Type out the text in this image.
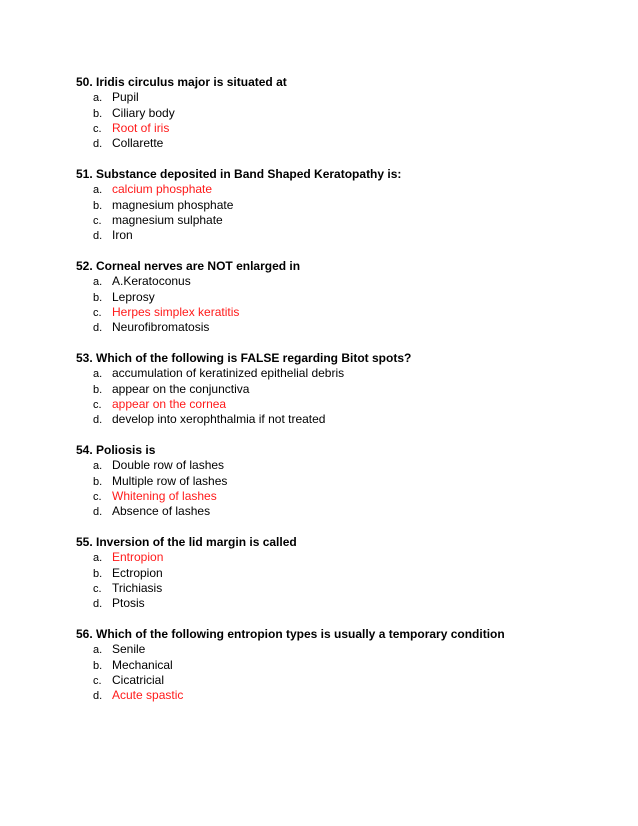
50. Iridis circulus major is situated at
a. Pupil
b. Ciliary body
c. Root of iris
d. Collarette
51. Substance deposited in Band Shaped Keratopathy is:
a. calcium phosphate
b. magnesium phosphate
c. magnesium sulphate
d. Iron
52. Corneal nerves are NOT enlarged in
a. A.Keratoconus
b. Leprosy
c. Herpes simplex keratitis
d. Neurofibromatosis
53. Which of the following is FALSE regarding Bitot spots?
a. accumulation of keratinized epithelial debris
b. appear on the conjunctiva
c. appear on the cornea
d. develop into xerophthalmia if not treated
54. Poliosis is
a. Double row of lashes
b. Multiple row of lashes
c. Whitening of lashes
d. Absence of lashes
55. Inversion of the lid margin is called
a. Entropion
b. Ectropion
c. Trichiasis
d. Ptosis
56. Which of the following entropion types is usually a temporary condition
a. Senile
b. Mechanical
c. Cicatricial
d. Acute spastic
